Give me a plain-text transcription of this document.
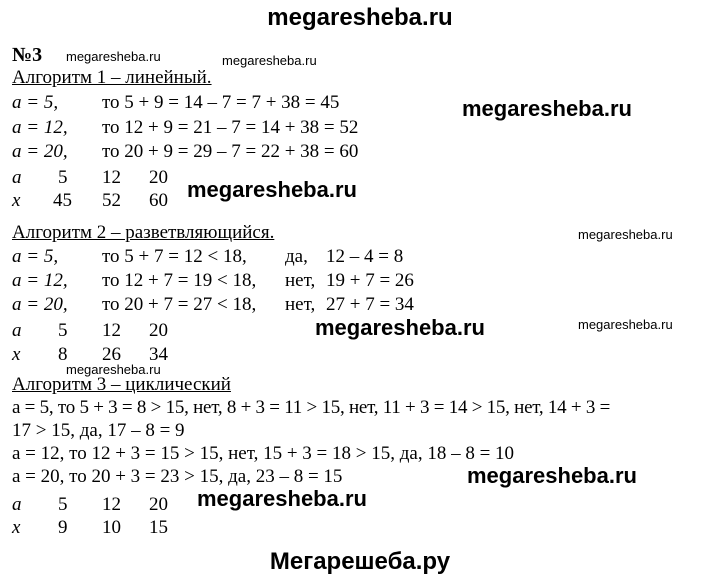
megaresheba.ru
№3 megaresheba.ru	megaresheba.ru
Алгоритм 1 – линейный.
a = 5, то 5 + 9 = 14 – 7 = 7 + 38 = 45
a = 12, то 12 + 9 = 21 – 7 = 14 + 38 = 52
a = 20, то 20 + 9 = 29 – 7 = 22 + 38 = 60
a 5 12 20
x 45 52 60
megaresheba.ru
megaresheba.ru
Алгоритм 2 – разветвляющийся.	megaresheba.ru
a = 5, то 5 + 7 = 12 < 18, да, 12 – 4 = 8
a = 12, то 12 + 7 = 19 < 18, нет, 19 + 7 = 26
a = 20, то 20 + 7 = 27 < 18, нет, 27 + 7 = 34
megaresheba.ru	megaresheba.ru
a 5 12 20
x 8 26 34
megaresheba.ru
Алгоритм 3 – циклический
a = 5, то 5 + 3 = 8 > 15, нет, 8 + 3 = 11 > 15, нет, 11 + 3 = 14 > 15, нет, 14 + 3 =
17 > 15, да, 17 – 8 = 9
a = 12, то 12 + 3 = 15 > 15, нет, 15 + 3 = 18 > 15, да, 18 – 8 = 10
a = 20, то 20 + 3 = 23 > 15, да, 23 – 8 = 15	megaresheba.ru
megaresheba.ru
a 5 12 20
x 9 10 15
Мегарешеба.ру
